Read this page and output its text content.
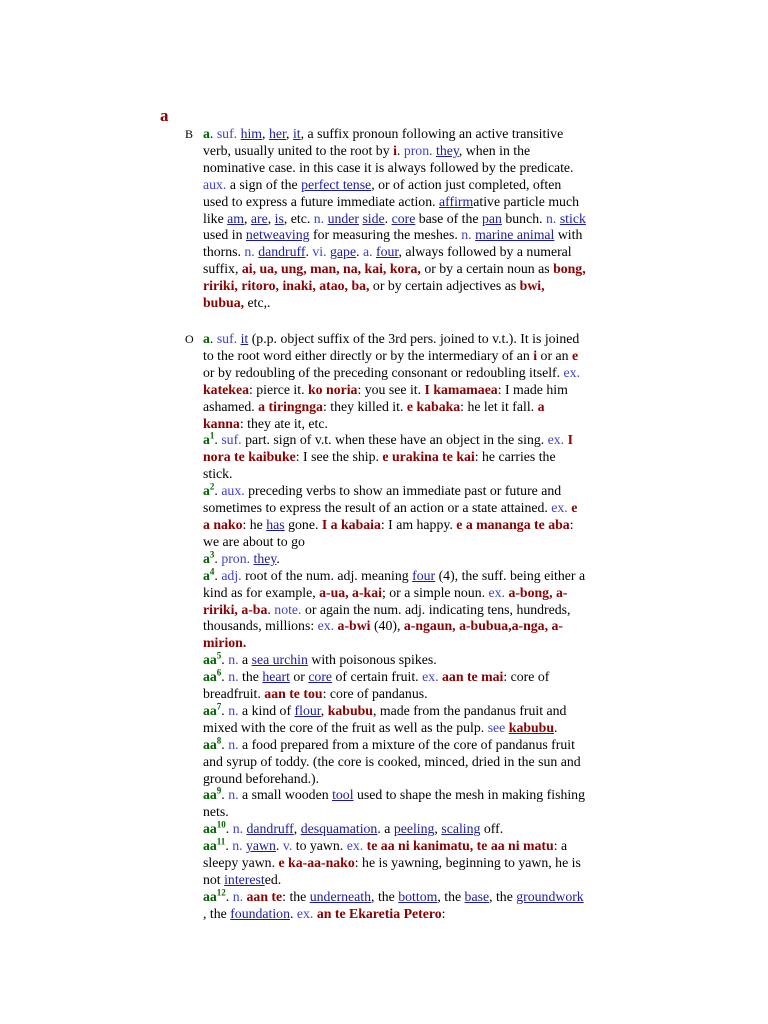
a
B a. suf. him, her, it, a suffix pronoun following an active transitive verb, usually united to the root by i. pron. they, when in the nominative case. in this case it is always followed by the predicate. aux. a sign of the perfect tense, or of action just completed, often used to express a future immediate action. affirmative particle much like am, are, is, etc. n. under side. core base of the pan bunch. n. stick used in netweaving for measuring the meshes. n. marine animal with thorns. n. dandruff. vi. gape. a. four, always followed by a numeral suffix, ai, ua, ung, man, na, kai, kora, or by a certain noun as bong, ririki, ritoro, inaki, atao, ba, or by certain adjectives as bwi, bubua, etc,.
O a. suf. it (p.p. object suffix of the 3rd pers. joined to v.t.). It is joined to the root word either directly or by the intermediary of an i or an e or by redoubling of the preceding consonant or redoubling itself. ex. katekea: pierce it. ko noria: you see it. I kamamaea: I made him ashamed. a tiringnga: they killed it. e kabaka: he let it fall. a kanna: they ate it, etc.
$a^1$. suf. part. sign of v.t. when these have an object in the sing. ex. I nora te kaibuke: I see the ship. e urakina te kai: he carries the stick.
$a^2$. aux. preceding verbs to show an immediate past or future and sometimes to express the result of an action or a state attained. ex. e a nako: he has gone. I a kabaia: I am happy. e a mananga te aba: we are about to go
$a^3$. pron. they.
$a^4$. adj. root of the num. adj. meaning four (4), the suff. being either a kind as for example, a-ua, a-kai; or a simple noun. ex. a-bong, a-ririki, a-ba. note. or again the num. adj. indicating tens, hundreds, thousands, millions: ex. a-bwi (40), a-ngaun, a-bubua,a-nga, a-mirion.
$aa^5$. n. a sea urchin with poisonous spikes.
$aa^6$. n. the heart or core of certain fruit. ex. aan te mai: core of breadfruit. aan te tou: core of pandanus.
$aa^7$. n. a kind of flour, kabubu, made from the pandanus fruit and mixed with the core of the fruit as well as the pulp. see kabubu.
$aa^8$. n. a food prepared from a mixture of the core of pandanus fruit and syrup of toddy. (the core is cooked, minced, dried in the sun and ground beforehand.).
$aa^9$. n. a small wooden tool used to shape the mesh in making fishing nets.
$aa^{10}$. n. dandruff, desquamation. a peeling, scaling off.
$aa^{11}$. n. yawn. v. to yawn. ex. te aa ni kanimatu, te aa ni matu: a sleepy yawn. e ka-aa-nako: he is yawning, beginning to yawn, he is not interested.
$aa^{12}$. n. aan te: the underneath, the bottom, the base, the groundwork , the foundation. ex. an te Ekaretia Petero:
